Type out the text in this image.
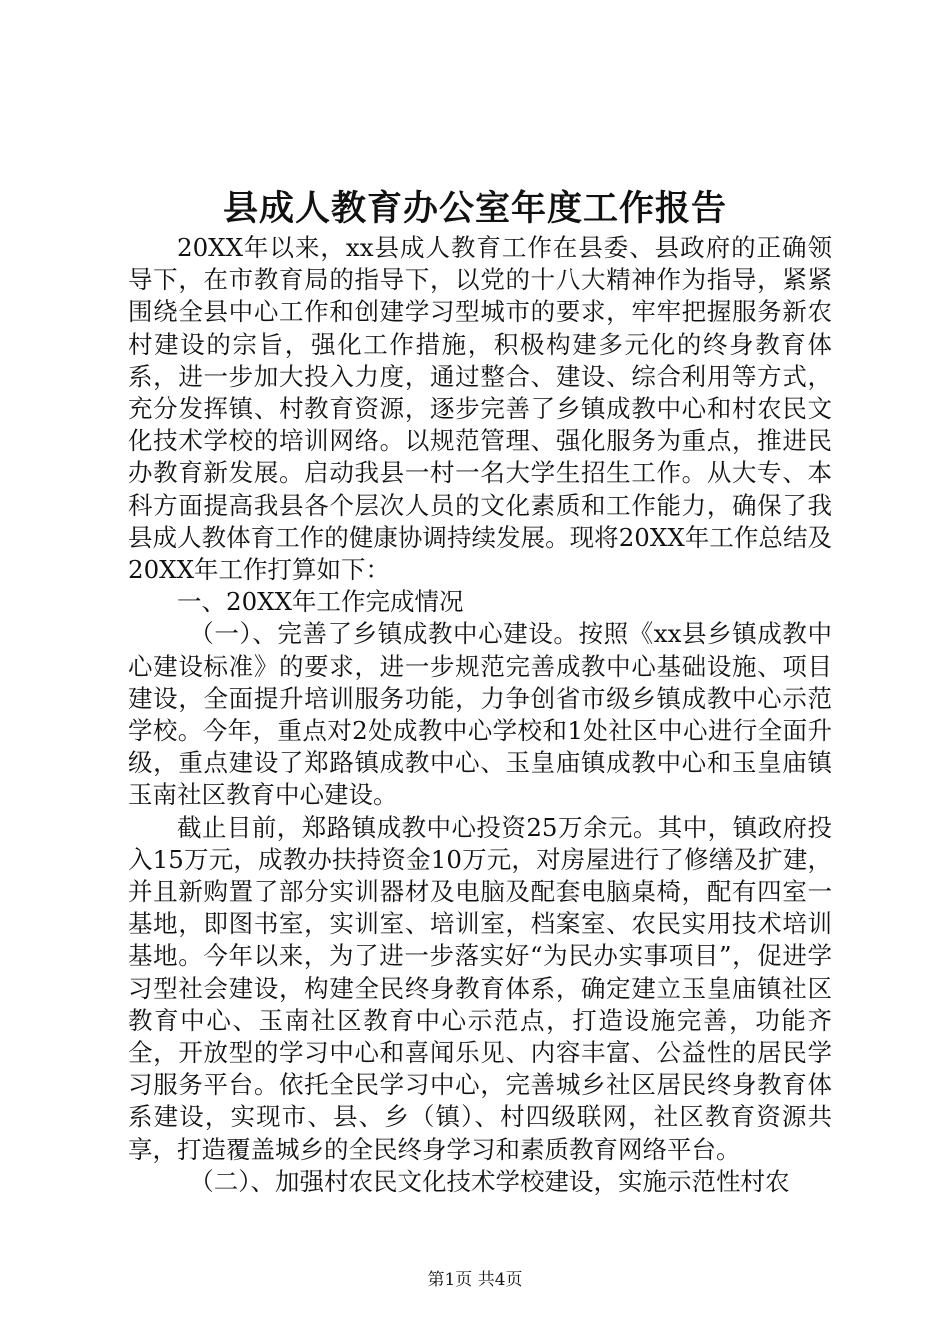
县成人教育办公室年度工作报告

20XX年以来，xx县成人教育工作在县委、县政府的正确领导下，在市教育局的指导下，以党的十八大精神作为指导，紧紧围绕全县中心工作和创建学习型城市的要求，牢牢把握服务新农村建设的宗旨，强化工作措施，积极构建多元化的终身教育体系，进一步加大投入力度，通过整合、建设、综合利用等方式，充分发挥镇、村教育资源，逐步完善了乡镇成教中心和村农民文化技术学校的培训网络。以规范管理、强化服务为重点，推进民办教育新发展。启动我县一村一名大学生招生工作。从大专、本科方面提高我县各个层次人员的文化素质和工作能力，确保了我县成人教体育工作的健康协调持续发展。现将20XX年工作总结及20XX年工作打算如下：

一、20XX年工作完成情况

（一）、完善了乡镇成教中心建设。按照《xx县乡镇成教中心建设标准》的要求，进一步规范完善成教中心基础设施、项目建设，全面提升培训服务功能，力争创省市级乡镇成教中心示范学校。今年，重点对2处成教中心学校和1处社区中心进行全面升级，重点建设了郑路镇成教中心、玉皇庙镇成教中心和玉皇庙镇玉南社区教育中心建设。

截止目前，郑路镇成教中心投资25万余元。其中，镇政府投入15万元，成教办扶持资金10万元，对房屋进行了修缮及扩建，并且新购置了部分实训器材及电脑及配套电脑桌椅，配有四室一基地，即图书室，实训室、培训室，档案室、农民实用技术培训基地。今年以来，为了进一步落实好“为民办实事项目”，促进学习型社会建设，构建全民终身教育体系，确定建立玉皇庙镇社区教育中心、玉南社区教育中心示范点，打造设施完善，功能齐全，开放型的学习中心和喜闻乐见、内容丰富、公益性的居民学习服务平台。依托全民学习中心，完善城乡社区居民终身教育体系建设，实现市、县、乡（镇）、村四级联网，社区教育资源共享，打造覆盖城乡的全民终身学习和素质教育网络平台。

（二）、加强村农民文化技术学校建设，实施示范性村农

第1页 共4页
